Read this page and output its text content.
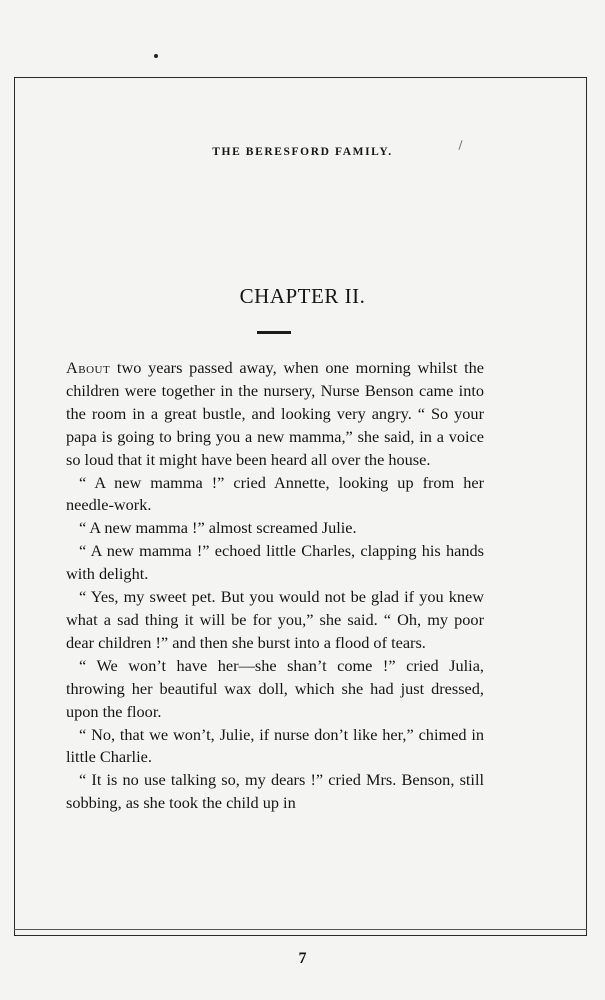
THE BERESFORD FAMILY.
CHAPTER II.

About two years passed away, when one morning whilst the children were together in the nursery, Nurse Benson came into the room in a great bustle, and looking very angry. “ So your papa is going to bring you a new mamma,” she said, in a voice so loud that it might have been heard all over the house.

“ A new mamma !” cried Annette, looking up from her needle-work.

“ A new mamma !” almost screamed Julie.

“ A new mamma !” echoed little Charles, clapping his hands with delight.

“ Yes, my sweet pet. But you would not be glad if you knew what a sad thing it will be for you,” she said. “ Oh, my poor dear children !” and then she burst into a flood of tears.

“ We won’t have her—she shan’t come !” cried Julia, throwing her beautiful wax doll, which she had just dressed, upon the floor.

“ No, that we won’t, Julie, if nurse don’t like her,” chimed in little Charlie.

“ It is no use talking so, my dears !” cried Mrs. Benson, still sobbing, as she took the child up in

7
